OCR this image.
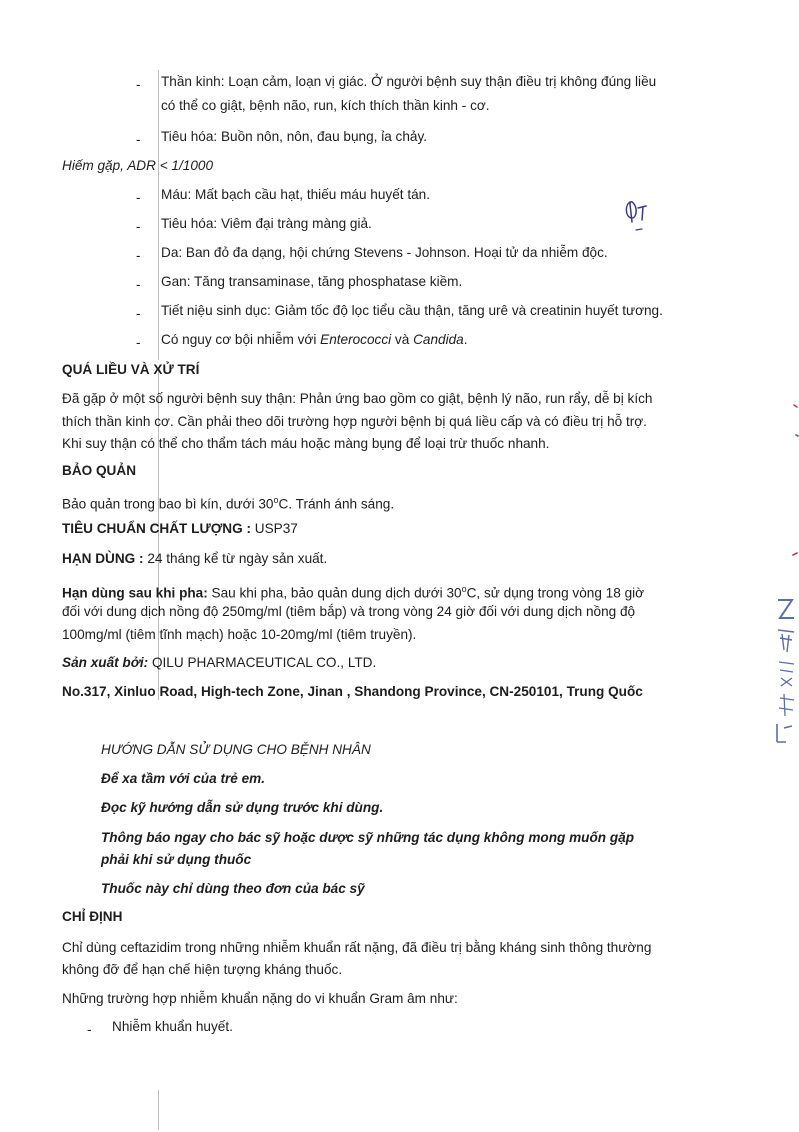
- Thần kinh: Loạn cảm, loạn vị giác. Ở người bệnh suy thận điều trị không đúng liều
có thể co giật, bệnh não, run, kích thích thần kinh - cơ.
- Tiêu hóa: Buồn nôn, nôn, đau bụng, ỉa chảy.
Hiếm gặp, ADR < 1/1000
- Máu: Mất bạch cầu hạt, thiếu máu huyết tán.
- Tiêu hóa: Viêm đại tràng màng giả.
- Da: Ban đỏ đa dạng, hội chứng Stevens - Johnson. Hoại tử da nhiễm độc.
- Gan: Tăng transaminase, tăng phosphatase kiềm.
- Tiết niệu sinh dục: Giảm tốc độ lọc tiểu cầu thận, tăng urê và creatinin huyết tương.
- Có nguy cơ bội nhiễm với Enterococci và Candida.
QUÁ LIỀU VÀ XỬ TRÍ
Đã gặp ở một số người bệnh suy thận: Phản ứng bao gồm co giật, bệnh lý não, run rẩy, dễ bị kích
thích thần kinh cơ. Cần phải theo dõi trường hợp người bệnh bị quá liều cấp và có điều trị hỗ trợ.
Khi suy thận có thể cho thẩm tách máu hoặc màng bụng để loại trừ thuốc nhanh.
BẢO QUẢN
Bảo quản trong bao bì kín, dưới 30$^o$C. Tránh ánh sáng.
TIÊU CHUẨN CHẤT LƯỢNG : USP37
HẠN DÙNG : 24 tháng kể từ ngày sản xuất.
Hạn dùng sau khi pha: Sau khi pha, bảo quản dung dịch dưới 30$^o$C, sử dụng trong vòng 18 giờ
đối với dung dịch nồng độ 250mg/ml (tiêm bắp) và trong vòng 24 giờ đối với dung dịch nồng độ
100mg/ml (tiêm tĩnh mạch) hoặc 10-20mg/ml (tiêm truyền).
Sản xuất bởi: QILU PHARMACEUTICAL CO., LTD.
No.317, Xinluo Road, High-tech Zone, Jinan , Shandong Province, CN-250101, Trung Quốc
HƯỚNG DẪN SỬ DỤNG CHO BỆNH NHÂN
Để xa tầm với của trẻ em.
Đọc kỹ hướng dẫn sử dụng trước khi dùng.
Thông báo ngay cho bác sỹ hoặc dược sỹ những tác dụng không mong muốn gặp
phải khi sử dụng thuốc
Thuốc này chỉ dùng theo đơn của bác sỹ
CHỈ ĐỊNH
Chỉ dùng ceftazidim trong những nhiễm khuẩn rất nặng, đã điều trị bằng kháng sinh thông thường
không đỡ để hạn chế hiện tượng kháng thuốc.
Những trường hợp nhiễm khuẩn nặng do vi khuẩn Gram âm như:
- Nhiễm khuẩn huyết.
